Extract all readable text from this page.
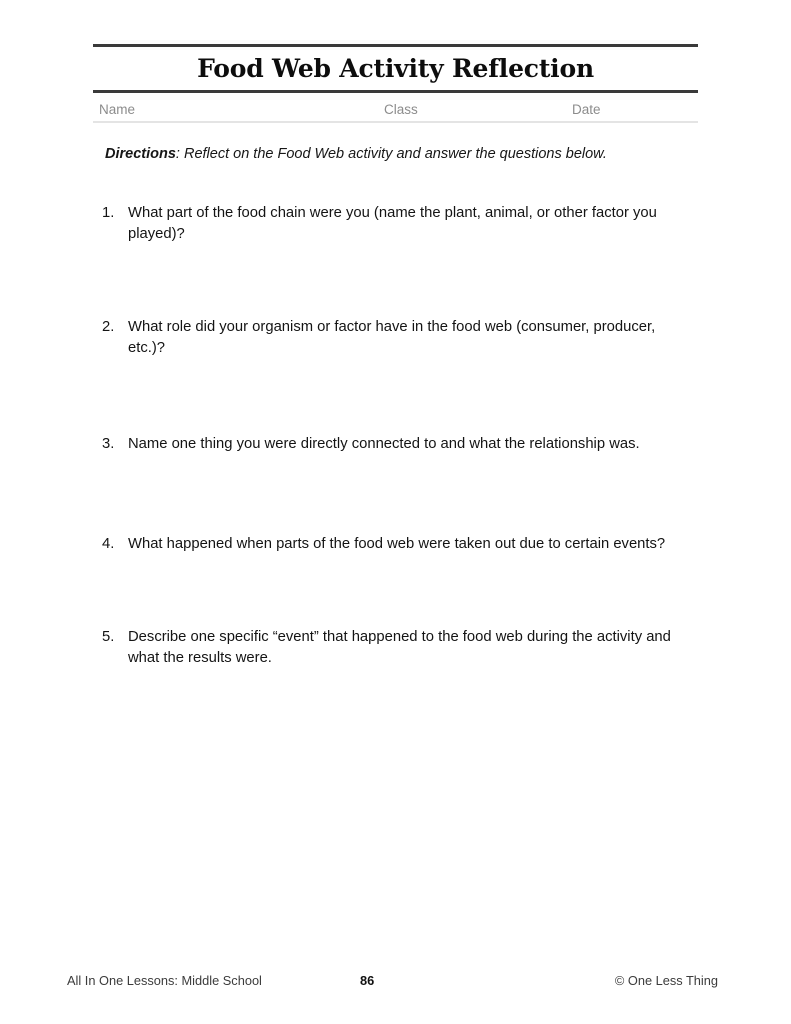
Food Web Activity Reflection
Name	Class	Date
Directions: Reflect on the Food Web activity and answer the questions below.
1. What part of the food chain were you (name the plant, animal, or other factor you played)?
2. What role did your organism or factor have in the food web (consumer, producer, etc.)?
3. Name one thing you were directly connected to and what the relationship was.
4. What happened when parts of the food web were taken out due to certain events?
5. Describe one specific “event” that happened to the food web during the activity and what the results were.
All In One Lessons: Middle School	86	© One Less Thing
